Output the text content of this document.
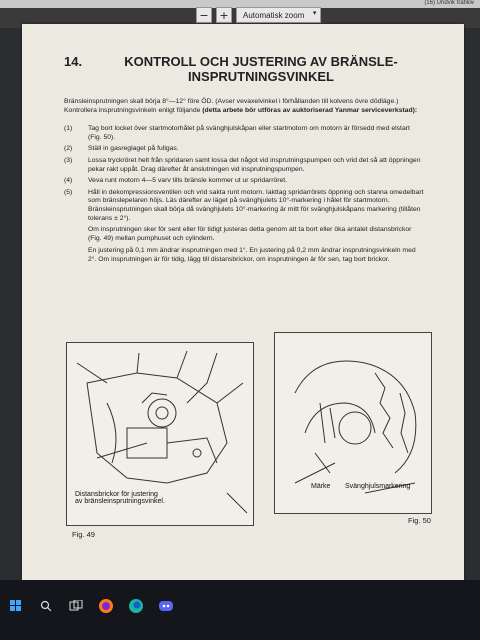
(16) Undvik trafikw
− +	Automatisk zoom ▾
14.	KONTROLL OCH JUSTERING AV BRÄNSLE-
INSPRUTNINGSVINKEL
Bränsleinsprutningen skall börja 8°—12° före ÖD. (Avser vevaxelvinkel i förhållanden till kolvens övre dödläge.) Kontrollera insprutningsvinkeln enligt följande (detta arbete bör utföras av auktoriserad Yanmar serviceverkstad):
(1)	Tag bort locket över startmotorhålet på svänghjulskåpan eller startmotorn om motorn är försedd med elstart (Fig. 50).
(2)	Ställ in gasreglaget på fullgas.
(3)	Lossa tryckröret helt från spridaren samt lossa det något vid insprutningspumpen och vrid det så att öppningen pekar rakt uppåt. Drag därefter åt anslutningen vid insprutningspumpen.
(4)	Veva runt motorn 4—5 varv tills bränsle kommer ut ur spridarröret.
(5)	Håll in dekompressionsventilen och vrid sakta runt motorn. Iakttag spridarrörets öppning och stanna omedelbart som bränslepelaren höjs. Läs därefter av läget på svänghjulets 10°-markering i hålet för startmotorn. Bränsleinsprutningen skall börja då svänghjulets 10°-markering är mitt för svänghjulskåpans markering (tillåten tolerans ± 2°).
Om insprutningen sker för sent eller för tidigt justeras detta genom att ta bort eller öka antalet distansbrickor (Fig. 49) mellan pumphuset och cylindern.
En justering på 0,1 mm ändrar insprutningen med 1°. En justering på 0,2 mm ändrar insprutningsvinkeln med 2°. Om insprutningen är för tidig, lägg till distansbrickor, om insprutningen är för sen, tag bort brickor.
Distansbrickor för justering
av bränsleinsprutningsvinkel.
Fig. 49
Märke Svänghjulsmarkering
Fig. 50
